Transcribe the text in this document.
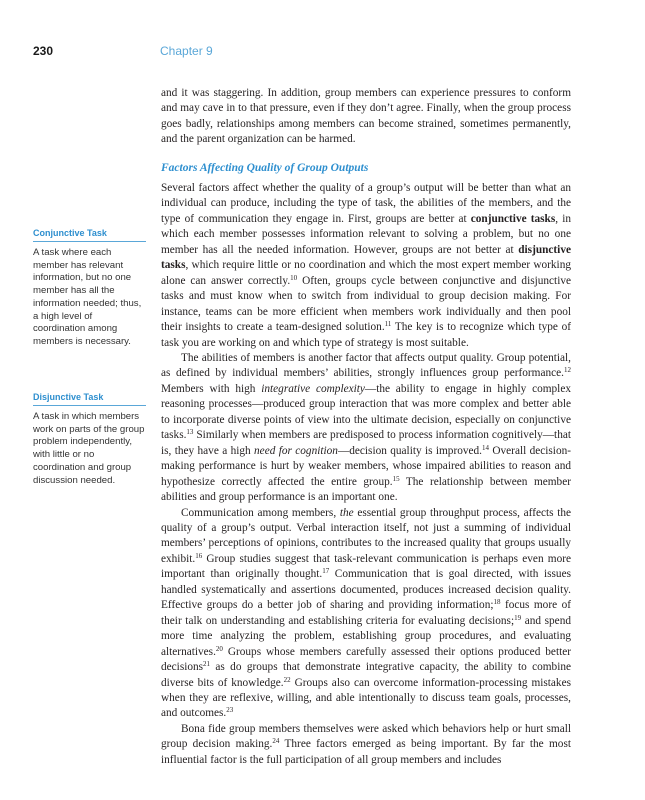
230	Chapter 9

and it was staggering. In addition, group members can experience pressures to conform and may cave in to that pressure, even if they don’t agree. Finally, when the group process goes badly, relationships among members can become strained, sometimes permanently, and the parent organization can be harmed.

Factors Affecting Quality of Group Outputs

Several factors affect whether the quality of a group’s output will be better than what an individual can produce, including the type of task, the abilities of the members, and the type of communication they engage in. First, groups are better at conjunctive tasks, in which each member possesses information relevant to solving a problem, but no one member has all the needed information. However, groups are not better at disjunctive tasks, which require little or no coordination and which the most expert member working alone can answer correctly.$^{10}$ Often, groups cycle between conjunctive and disjunctive tasks and must know when to switch from individual to group decision making. For instance, teams can be more efficient when members work individually and then pool their insights to create a team-designed solution.$^{11}$ The key is to recognize which type of task you are working on and which type of strategy is most suitable.

The abilities of members is another factor that affects output quality. Group potential, as defined by individual members’ abilities, strongly influences group performance.$^{12}$ Members with high integrative complexity—the ability to engage in highly complex reasoning processes—produced group interaction that was more complex and better able to incorporate diverse points of view into the ultimate decision, especially on conjunctive tasks.$^{13}$ Similarly when members are predisposed to process information cognitively—that is, they have a high need for cognition—decision quality is improved.$^{14}$ Overall decision-making performance is hurt by weaker members, whose impaired abilities to reason and hypothesize correctly affected the entire group.$^{15}$ The relationship between member abilities and group performance is an important one.

Communication among members, the essential group throughput process, affects the quality of a group’s output. Verbal interaction itself, not just a summing of individual members’ perceptions of opinions, contributes to the increased quality that groups usually exhibit.$^{16}$ Group studies suggest that task-relevant communication is perhaps even more important than originally thought.$^{17}$ Communication that is goal directed, with issues handled systematically and assertions documented, produces increased decision quality. Effective groups do a better job of sharing and providing information;$^{18}$ focus more of their talk on understanding and establishing criteria for evaluating decisions;$^{19}$ and spend more time analyzing the problem, establishing group procedures, and evaluating alternatives.$^{20}$ Groups whose members carefully assessed their options produced better decisions$^{21}$ as do groups that demonstrate integrative capacity, the ability to combine diverse bits of knowledge.$^{22}$ Groups also can overcome information-processing mistakes when they are reflexive, willing, and able intentionally to discuss team goals, processes, and outcomes.$^{23}$

Bona fide group members themselves were asked which behaviors help or hurt small group decision making.$^{24}$ Three factors emerged as being important. By far the most influential factor is the full participation of all group members and includes

Conjunctive Task
A task where each member has relevant information, but no one member has all the information needed; thus, a high level of coordination among members is necessary.
Disjunctive Task
A task in which members work on parts of the group problem independently, with little or no coordination and group discussion needed.
